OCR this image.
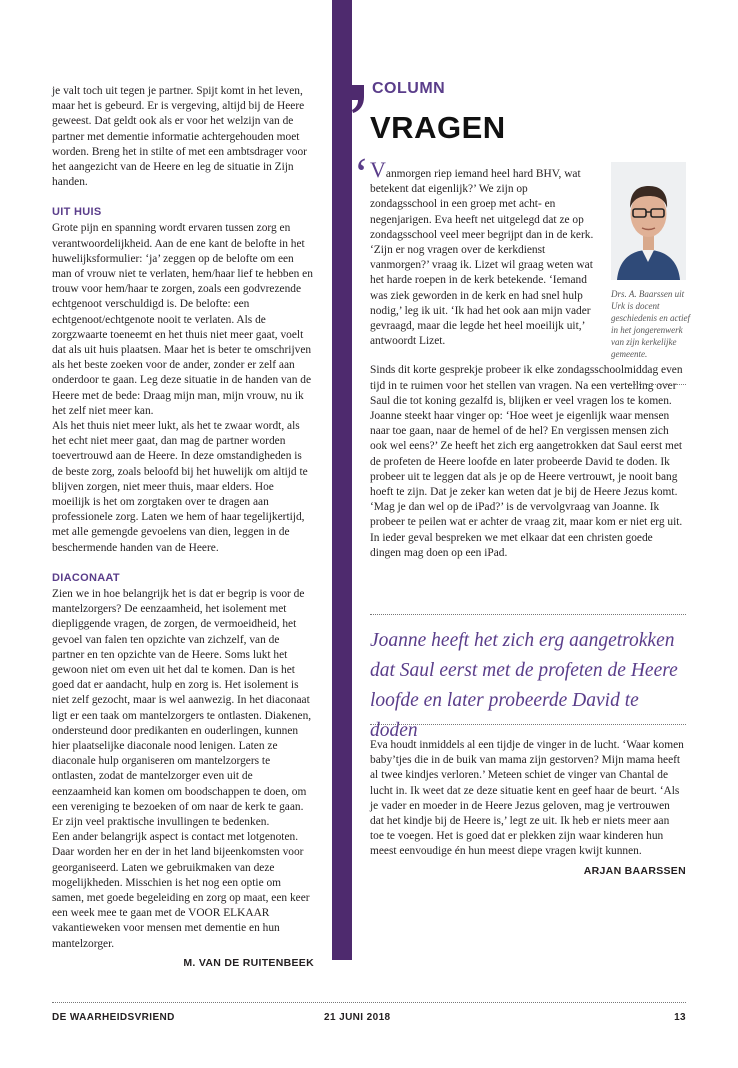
je valt toch uit tegen je partner. Spijt komt in het leven, maar het is gebeurd. Er is vergeving, altijd bij de Heere geweest. Dat geldt ook als er voor het welzijn van de partner met dementie informatie achtergehouden moet worden. Breng het in stilte of met een ambtsdrager voor het aangezicht van de Heere en leg de situatie in Zijn handen.

UIT HUIS

Grote pijn en spanning wordt ervaren tussen zorg en verantwoordelijkheid. Aan de ene kant de belofte in het huwelijksformulier: ‘ja’ zeggen op de belofte om een man of vrouw niet te verlaten, hem/haar lief te hebben en trouw voor hem/haar te zorgen, zoals een godvrezende echtgenoot verschuldigd is. De belofte: een echtgenoot/echtgenote nooit te verlaten. Als de zorgzwaarte toeneemt en het thuis niet meer gaat, voelt dat als uit huis plaatsen. Maar het is beter te omschrijven als het beste zoeken voor de ander, zonder er zelf aan onderdoor te gaan. Leg deze situatie in de handen van de Heere met de bede: Draag mijn man, mijn vrouw, nu ik het zelf niet meer kan.

Als het thuis niet meer lukt, als het te zwaar wordt, als het echt niet meer gaat, dan mag de partner worden toevertrouwd aan de Heere. In deze omstandigheden is de beste zorg, zoals beloofd bij het huwelijk om altijd te blijven zorgen, niet meer thuis, maar elders. Hoe moeilijk is het om zorgtaken over te dragen aan professionele zorg. Laten we hem of haar tegelijkertijd, met alle gemengde gevoelens van dien, leggen in de beschermende handen van de Heere.

DIACONAAT

Zien we in hoe belangrijk het is dat er begrip is voor de mantelzorgers? De eenzaamheid, het isolement met diepliggende vragen, de zorgen, de vermoeidheid, het gevoel van falen ten opzichte van zichzelf, van de partner en ten opzichte van de Heere. Soms lukt het gewoon niet om even uit het dal te komen. Dan is het goed dat er aandacht, hulp en zorg is. Het isolement is niet zelf gezocht, maar is wel aanwezig. In het diaconaat ligt er een taak om mantelzorgers te ontlasten. Diakenen, ondersteund door predikanten en ouderlingen, kunnen hier plaatselijke diaconale nood lenigen. Laten ze diaconale hulp organiseren om mantelzorgers te ontlasten, zodat de mantelzorger even uit de eenzaamheid kan komen om boodschappen te doen, om een vereniging te bezoeken of om naar de kerk te gaan. Er zijn veel praktische invullingen te bedenken.

Een ander belangrijk aspect is contact met lotgenoten. Daar worden her en der in het land bijeenkomsten voor georganiseerd. Laten we gebruikmaken van deze mogelijkheden. Misschien is het nog een optie om samen, met goede begeleiding en zorg op maat, een keer een week mee te gaan met de VOOR ELKAAR vakantieweken voor mensen met dementie en hun mantelzorger.

M. VAN DE RUITENBEEK
COLUMN
VRAGEN
‘ Vanmorgen riep iemand heel hard BHV, wat betekent dat eigenlijk?’ We zijn op zondagsschool in een groep met acht- en negenjarigen. Eva heeft net uitgelegd dat ze op zondagsschool veel meer begrijpt dan in de kerk. ‘Zijn er nog vragen over de kerkdienst vanmorgen?’ vraag ik. Lizet wil graag weten wat het harde roepen in de kerk betekende. ‘Iemand was ziek geworden in de kerk en had snel hulp nodig,’ leg ik uit. ‘Ik had het ook aan mijn vader gevraagd, maar die legde het heel moeilijk uit,’ antwoordt Lizet.

Sinds dit korte gesprekje probeer ik elke zondagsschoolmiddag even tijd in te ruimen voor het stellen van vragen. Na een vertelling over Saul die tot koning gezalfd is, blijken er veel vragen los te komen. Joanne steekt haar vinger op: ‘Hoe weet je eigenlijk waar mensen naar toe gaan, naar de hemel of de hel? En vergissen mensen zich ook wel eens?’ Ze heeft het zich erg aangetrokken dat Saul eerst met de profeten de Heere loofde en later probeerde David te doden. Ik probeer uit te leggen dat als je op de Heere vertrouwt, je nooit bang hoeft te zijn. Dat je zeker kan weten dat je bij de Heere Jezus komt. ‘Mag je dan wel op de iPad?’ is de vervolgvraag van Joanne. Ik probeer te peilen wat er achter de vraag zit, maar kom er niet erg uit. In ieder geval bespreken we met elkaar dat een christen goede dingen mag doen op een iPad.

Drs. A. Baarssen uit Urk is docent geschiedenis en actief in het jongerenwerk van zijn kerkelijke gemeente.
Joanne heeft het zich erg aangetrokken dat Saul eerst met de profeten de Heere loofde en later probeerde David te doden

Eva houdt inmiddels al een tijdje de vinger in de lucht. ‘Waar komen baby’tjes die in de buik van mama zijn gestorven? Mijn mama heeft al twee kindjes verloren.’ Meteen schiet de vinger van Chantal de lucht in. Ik weet dat ze deze situatie kent en geef haar de beurt. ‘Als je vader en moeder in de Heere Jezus geloven, mag je vertrouwen dat het kindje bij de Heere is,’ legt ze uit. Ik heb er niets meer aan toe te voegen. Het is goed dat er plekken zijn waar kinderen hun meest eenvoudige én hun meest diepe vragen kwijt kunnen.

ARJAN BAARSSEN
DE WAARHEIDSVRIEND	21 JUNI 2018	13
